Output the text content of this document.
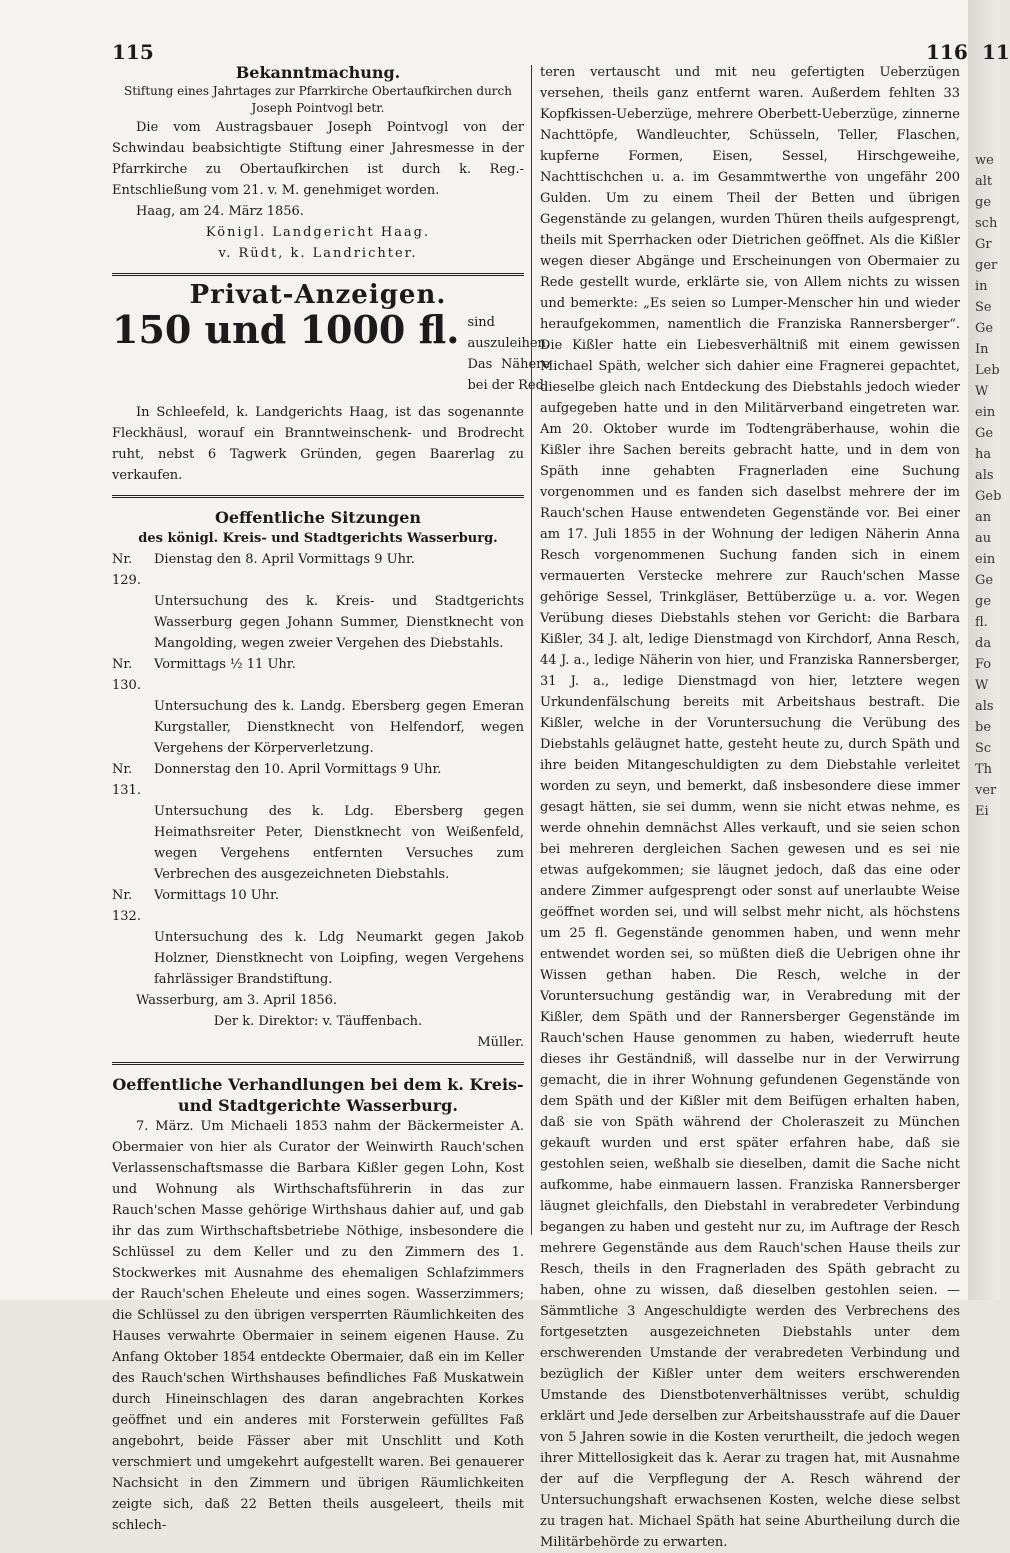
115	116 11
Bekanntmachung.
Stiftung eines Jahrtages zur Pfarrkirche Obertaufkirchen durch Joseph Pointvogl betr.

Die vom Austragsbauer Joseph Pointvogl von der Schwindau beabsichtigte Stiftung einer Jahresmesse in der Pfarrkirche zu Obertaufkirchen ist durch k. Reg.-Entschließung vom 21. v. M. genehmiget worden.

Haag, am 24. März 1856.
Königl. Landgericht Haag.
v. Rüdt, k. Landrichter.
Privat-Anzeigen.
150 und 1000 fl. sind auszuleihen. Das Nähere bei der Red.

In Schleefeld, k. Landgerichts Haag, ist das sogenannte Fleckhäusl, worauf ein Branntweinschenk- und Brodrecht ruht, nebst 6 Tagwerk Gründen, gegen Baarerlag zu verkaufen.

Oeffentliche Sitzungen
des königl. Kreis- und Stadtgerichts Wasserburg.
Nr. 129.
Dienstag den 8. April Vormittags 9 Uhr.
Untersuchung des k. Kreis- und Stadtgerichts Wasserburg gegen Johann Summer, Dienstknecht von Mangolding, wegen zweier Vergehen des Diebstahls.
Nr. 130.
Vormittags ½ 11 Uhr.
Untersuchung des k. Landg. Ebersberg gegen Emeran Kurgstaller, Dienstknecht von Helfendorf, wegen Vergehens der Körperverletzung.
Nr. 131.
Donnerstag den 10. April Vormittags 9 Uhr.
Untersuchung des k. Ldg. Ebersberg gegen Heimathsreiter Peter, Dienstknecht von Weißenfeld, wegen Vergehens entfernten Versuches zum Verbrechen des ausgezeichneten Diebstahls.
Nr. 132.
Vormittags 10 Uhr.
Untersuchung des k. Ldg Neumarkt gegen Jakob Holzner, Dienstknecht von Loipfing, wegen Vergehens fahrlässiger Brandstiftung.
Wasserburg, am 3. April 1856.
Der k. Direktor: v. Täuffenbach.
Müller.
Oeffentliche Verhandlungen bei dem k. Kreis- und Stadtgerichte Wasserburg.

7. März. Um Michaeli 1853 nahm der Bäckermeister A. Obermaier von hier als Curator der Weinwirth Rauch'schen Verlassenschaftsmasse die Barbara Kißler gegen Lohn, Kost und Wohnung als Wirthschaftsführerin in das zur Rauch'schen Masse gehörige Wirthshaus dahier auf, und gab ihr das zum Wirthschaftsbetriebe Nöthige, insbesondere die Schlüssel zu dem Keller und zu den Zimmern des 1. Stockwerkes mit Ausnahme des ehemaligen Schlafzimmers der Rauch'schen Eheleute und eines sogen. Wasserzimmers; die Schlüssel zu den übrigen versperrten Räumlichkeiten des Hauses verwahrte Obermaier in seinem eigenen Hause. Zu Anfang Oktober 1854 entdeckte Obermaier, daß ein im Keller des Rauch'schen Wirthshauses befindliches Faß Muskatwein durch Hineinschlagen des daran angebrachten Korkes geöffnet und ein anderes mit Forsterwein gefülltes Faß angebohrt, beide Fässer aber mit Unschlitt und Koth verschmiert und umgekehrt aufgestellt waren. Bei genauerer Nachsicht in den Zimmern und übrigen Räumlichkeiten zeigte sich, daß 22 Betten theils ausgeleert, theils mit schlech-

teren vertauscht und mit neu gefertigten Ueberzügen versehen, theils ganz entfernt waren. Außerdem fehlten 33 Kopfkissen-Ueberzüge, mehrere Oberbett-Ueberzüge, zinnerne Nachttöpfe, Wandleuchter, Schüsseln, Teller, Flaschen, kupferne Formen, Eisen, Sessel, Hirschgeweihe, Nachttischchen u. a. im Gesammtwerthe von ungefähr 200 Gulden. Um zu einem Theil der Betten und übrigen Gegenstände zu gelangen, wurden Thüren theils aufgesprengt, theils mit Sperrhacken oder Dietrichen geöffnet. Als die Kißler wegen dieser Abgänge und Erscheinungen von Obermaier zu Rede gestellt wurde, erklärte sie, von Allem nichts zu wissen und bemerkte: „Es seien so Lumper-Menscher hin und wieder heraufgekommen, namentlich die Franziska Rannersberger“. Die Kißler hatte ein Liebesverhältniß mit einem gewissen Michael Späth, welcher sich dahier eine Fragnerei gepachtet, dieselbe gleich nach Entdeckung des Diebstahls jedoch wieder aufgegeben hatte und in den Militärverband eingetreten war. Am 20. Oktober wurde im Todtengräberhause, wohin die Kißler ihre Sachen bereits gebracht hatte, und in dem von Späth inne gehabten Fragnerladen eine Suchung vorgenommen und es fanden sich daselbst mehrere der im Rauch'schen Hause entwendeten Gegenstände vor. Bei einer am 17. Juli 1855 in der Wohnung der ledigen Näherin Anna Resch vorgenommenen Suchung fanden sich in einem vermauerten Verstecke mehrere zur Rauch'schen Masse gehörige Sessel, Trinkgläser, Bettüberzüge u. a. vor. Wegen Verübung dieses Diebstahls stehen vor Gericht: die Barbara Kißler, 34 J. alt, ledige Dienstmagd von Kirchdorf, Anna Resch, 44 J. a., ledige Näherin von hier, und Franziska Rannersberger, 31 J. a., ledige Dienstmagd von hier, letztere wegen Urkundenfälschung bereits mit Arbeitshaus bestraft. Die Kißler, welche in der Voruntersuchung die Verübung des Diebstahls geläugnet hatte, gesteht heute zu, durch Späth und ihre beiden Mitangeschuldigten zu dem Diebstahle verleitet worden zu seyn, und bemerkt, daß insbesondere diese immer gesagt hätten, sie sei dumm, wenn sie nicht etwas nehme, es werde ohnehin demnächst Alles verkauft, und sie seien schon bei mehreren dergleichen Sachen gewesen und es sei nie etwas aufgekommen; sie läugnet jedoch, daß das eine oder andere Zimmer aufgesprengt oder sonst auf unerlaubte Weise geöffnet worden sei, und will selbst mehr nicht, als höchstens um 25 fl. Gegenstände genommen haben, und wenn mehr entwendet worden sei, so müßten dieß die Uebrigen ohne ihr Wissen gethan haben. Die Resch, welche in der Voruntersuchung geständig war, in Verabredung mit der Kißler, dem Späth und der Rannersberger Gegenstände im Rauch'schen Hause genommen zu haben, wiederruft heute dieses ihr Geständniß, will dasselbe nur in der Verwirrung gemacht, die in ihrer Wohnung gefundenen Gegenstände von dem Späth und der Kißler mit dem Beifügen erhalten haben, daß sie von Späth während der Choleraszeit zu München gekauft wurden und erst später erfahren habe, daß sie gestohlen seien, weßhalb sie dieselben, damit die Sache nicht aufkomme, habe einmauern lassen. Franziska Rannersberger läugnet gleichfalls, den Diebstahl in verabredeter Verbindung begangen zu haben und gesteht nur zu, im Auftrage der Resch mehrere Gegenstände aus dem Rauch'schen Hause theils zur Resch, theils in den Fragnerladen des Späth gebracht zu haben, ohne zu wissen, daß dieselben gestohlen seien. — Sämmtliche 3 Angeschuldigte werden des Verbrechens des fortgesetzten ausgezeichneten Diebstahls unter dem erschwerenden Umstande der verabredeten Verbindung und bezüglich der Kißler unter dem weiters erschwerenden Umstande des Dienstbotenverhältnisses verübt, schuldig erklärt und Jede derselben zur Arbeitshausstrafe auf die Dauer von 5 Jahren sowie in die Kosten verurtheilt, die jedoch wegen ihrer Mittellosigkeit das k. Aerar zu tragen hat, mit Ausnahme der auf die Verpflegung der A. Resch während der Untersuchungshaft erwachsenen Kosten, welche diese selbst zu tragen hat. Michael Späth hat seine Aburtheilung durch die Militärbehörde zu erwarten.

we
alt
ge
sch
Gr
ger
in
Se
Ge
In
Leb
W
ein
Ge
ha
als
Geb
an
au
ein
Ge
ge
fl.
da
Fo
W
als
be
Sc
Th
ver
Ei
